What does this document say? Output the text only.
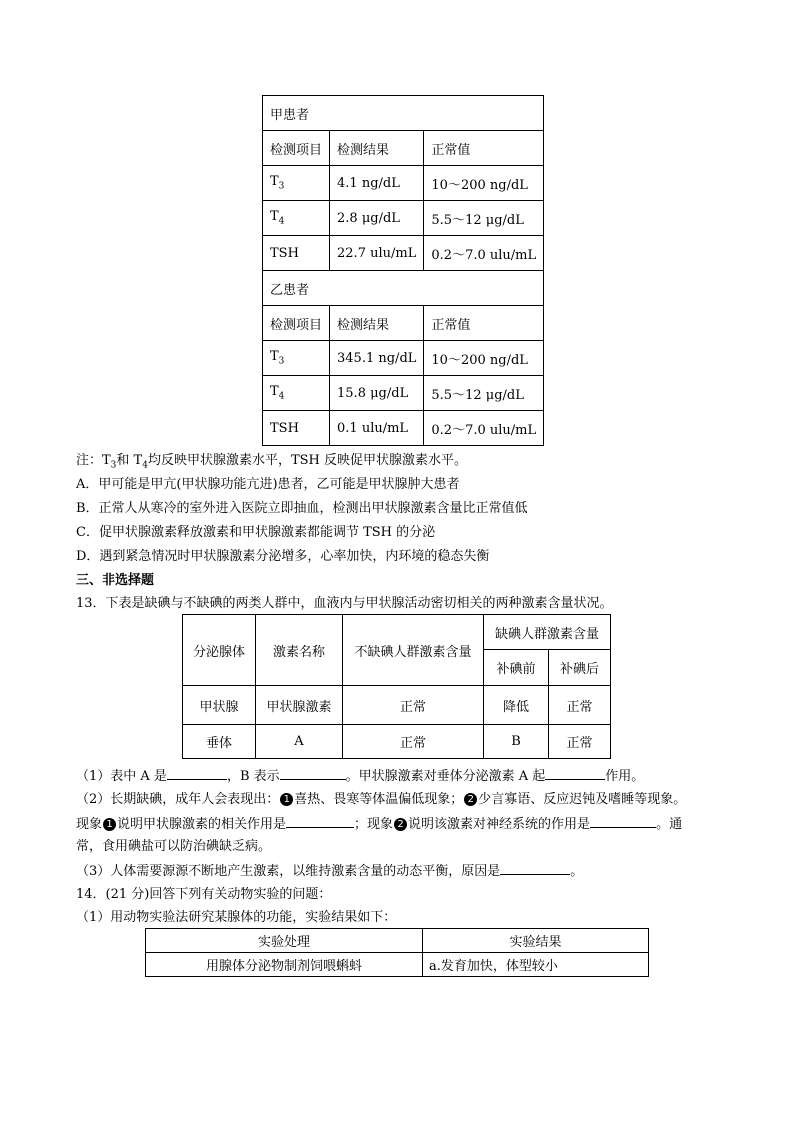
甲患者		
检测项目	检测结果	正常值
$T_3$	4.1 ng/dL	10～200 ng/dL
$T_4$	2.8 μg/dL	5.5～12 μg/dL
TSH	22.7 ulu/mL	0.2～7.0 ulu/mL
乙患者		
检测项目	检测结果	正常值
$T_3$	345.1 ng/dL	10～200 ng/dL
$T_4$	15.8 μg/dL	5.5～12 μg/dL
TSH	0.1 ulu/mL	0.2～7.0 ulu/mL
注：$T_3$和 $T_4$均反映甲状腺激素水平，TSH 反映促甲状腺激素水平。
A．甲可能是甲亢(甲状腺功能亢进)患者，乙可能是甲状腺肿大患者
B．正常人从寒冷的室外进入医院立即抽血，检测出甲状腺激素含量比正常值低
C．促甲状腺激素释放激素和甲状腺激素都能调节 TSH 的分泌
D．遇到紧急情况时甲状腺激素分泌增多，心率加快，内环境的稳态失衡
三、非选择题
13．下表是缺碘与不缺碘的两类人群中，血液内与甲状腺活动密切相关的两种激素含量状况。
分泌腺体	激素名称	不缺碘人群激素含量	缺碘人群激素含量	
			补碘前	补碘后
甲状腺	甲状腺激素	正常	降低	正常
垂体	A	正常	B	正常
（1）表中 A 是	，B 表示	。甲状腺激素对垂体分泌激素 A 起	作用。
（2）长期缺碘，成年人会表现出： 1 喜热、畏寒等体温偏低现象； 2 少言寡语、反应迟钝及嗜睡等现象。
现象 1 说明甲状腺激素的相关作用是	；现象 2 说明该激素对神经系统的作用是	。通
常，食用碘盐可以防治碘缺乏病。
（3）人体需要源源不断地产生激素，以维持激素含量的动态平衡，原因是	。
14．(21 分)回答下列有关动物实验的问题：
（1）用动物实验法研究某腺体的功能，实验结果如下：
实验处理	实验结果
用腺体分泌物制剂饲喂蝌蚪	a.发育加快，体型较小
